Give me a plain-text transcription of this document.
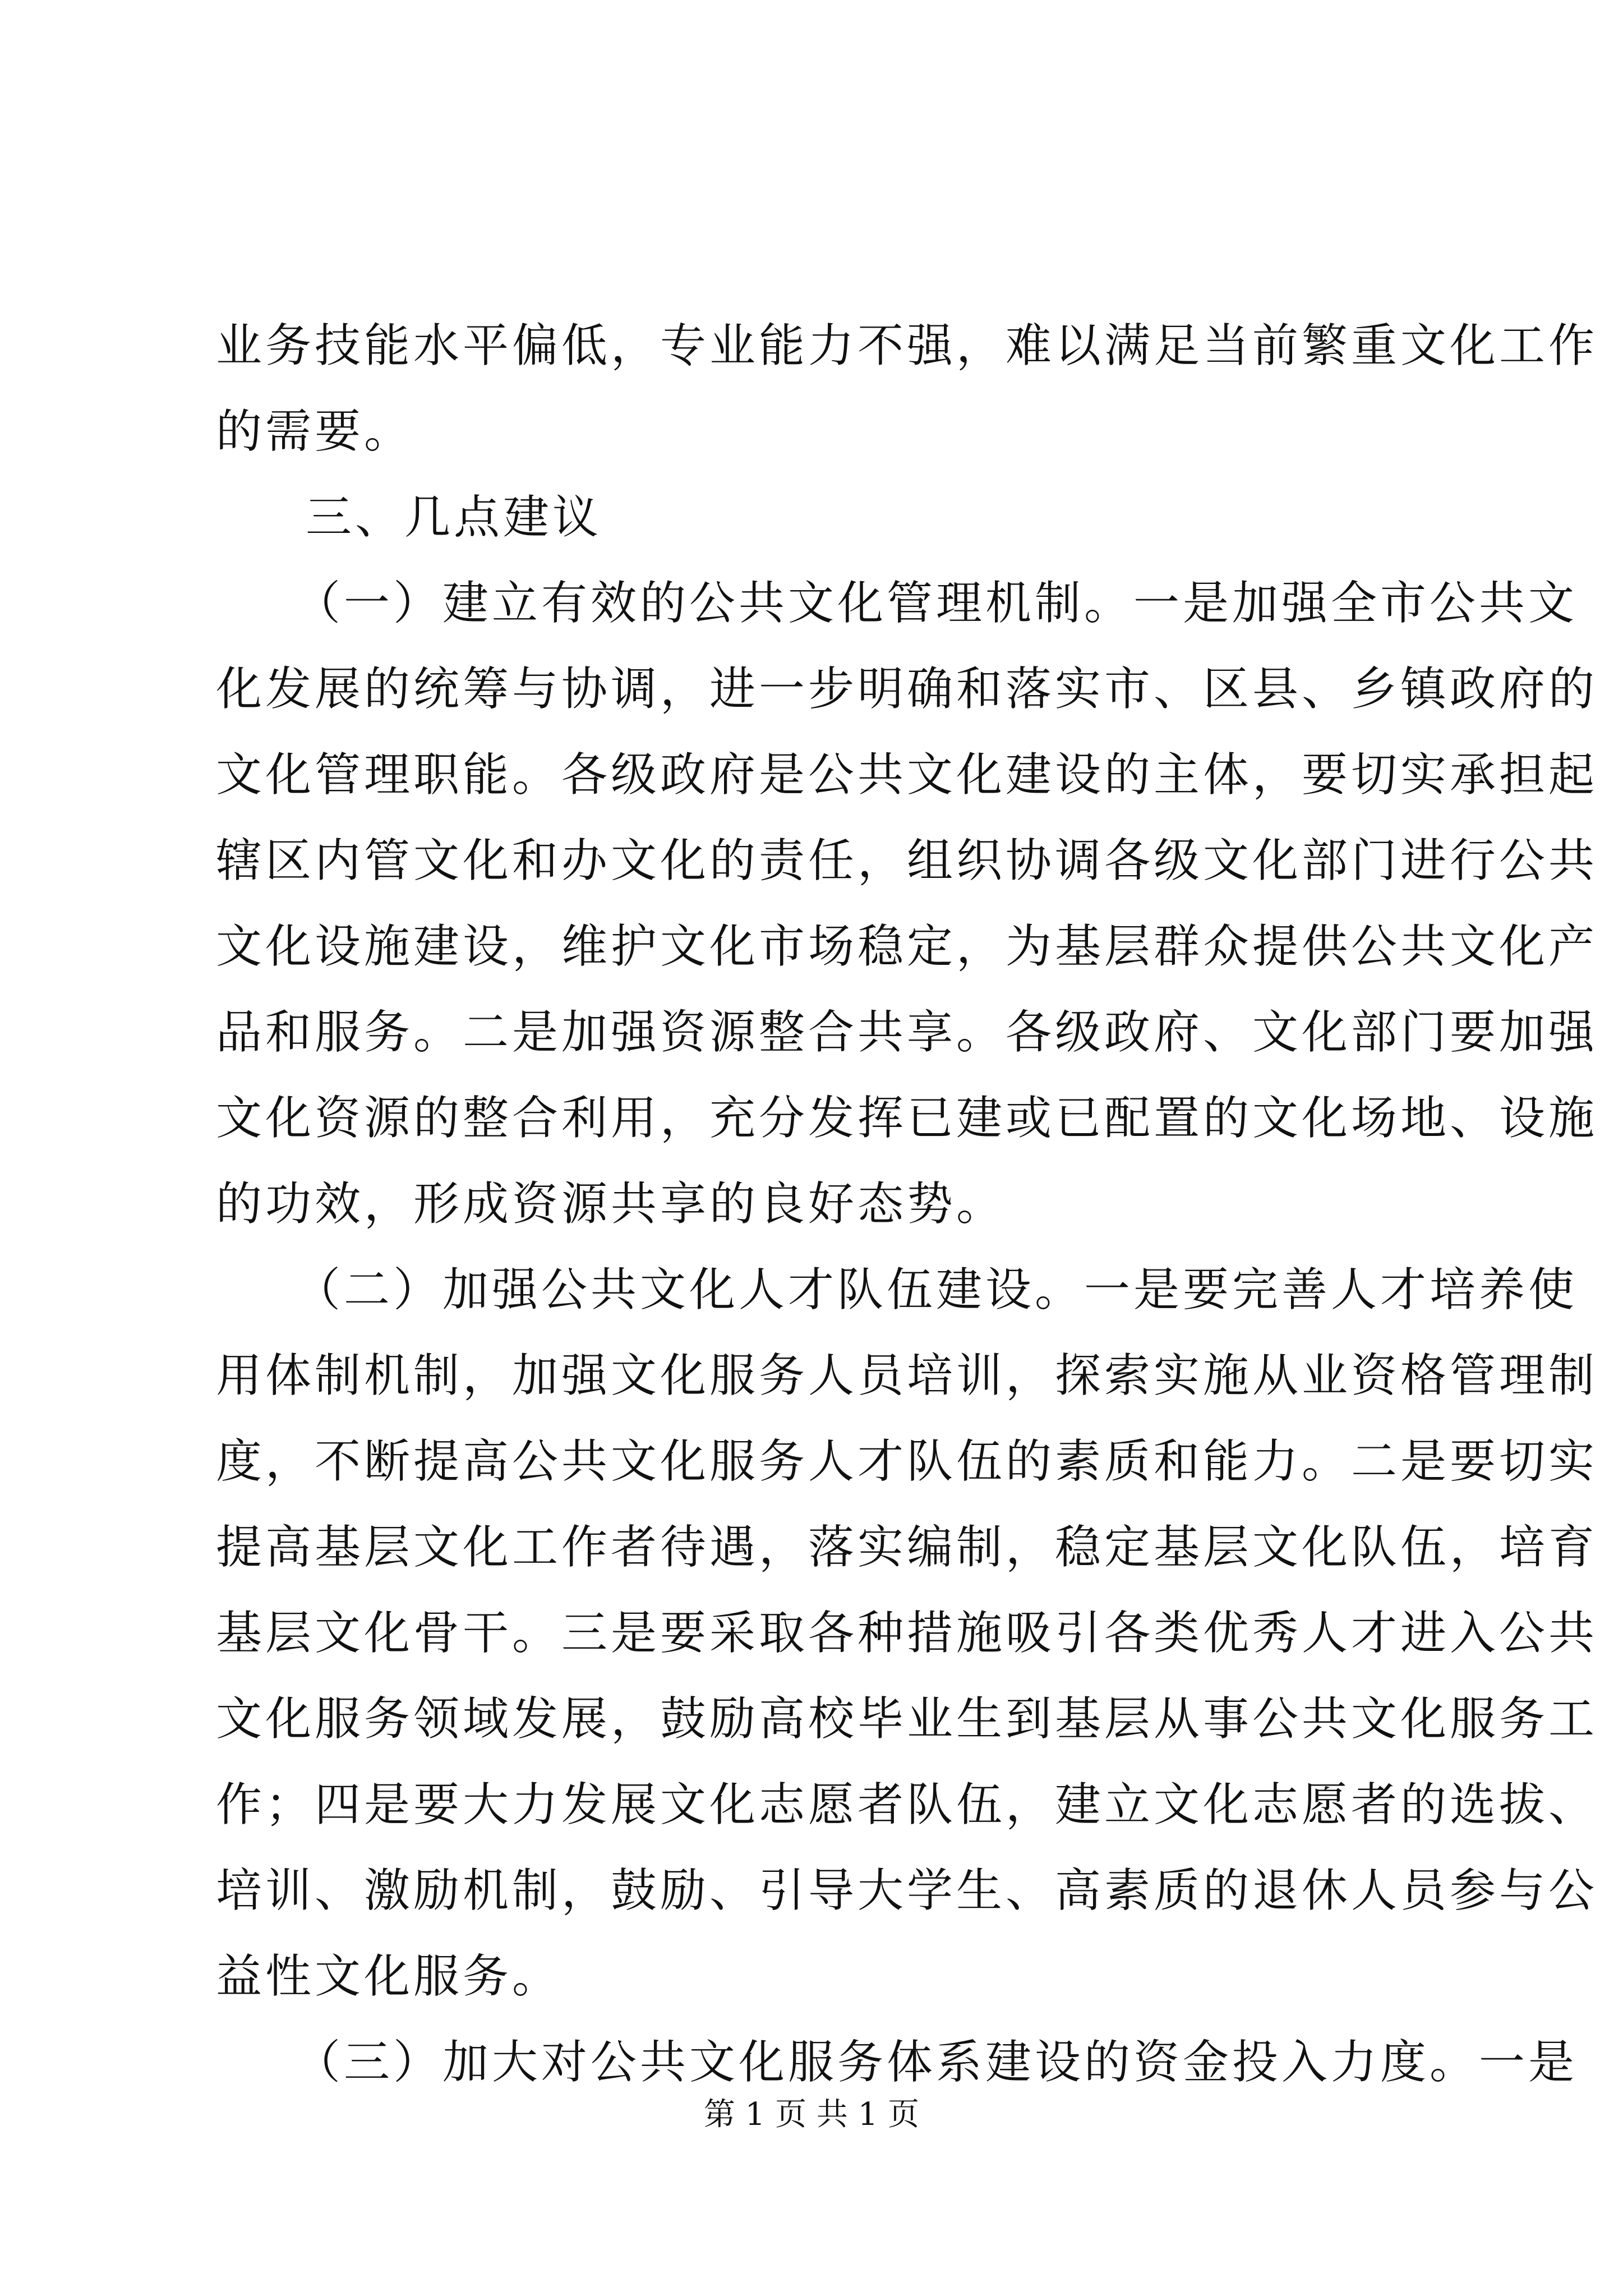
业务技能水平偏低，专业能力不强，难以满足当前繁重文化工作
的需要。
三、几点建议
（一）建立有效的公共文化管理机制。一是加强全市公共文
化发展的统筹与协调，进一步明确和落实市、区县、乡镇政府的
文化管理职能。各级政府是公共文化建设的主体，要切实承担起
辖区内管文化和办文化的责任，组织协调各级文化部门进行公共
文化设施建设，维护文化市场稳定，为基层群众提供公共文化产
品和服务。二是加强资源整合共享。各级政府、文化部门要加强
文化资源的整合利用，充分发挥已建或已配置的文化场地、设施
的功效，形成资源共享的良好态势。
（二）加强公共文化人才队伍建设。一是要完善人才培养使
用体制机制，加强文化服务人员培训，探索实施从业资格管理制
度，不断提高公共文化服务人才队伍的素质和能力。二是要切实
提高基层文化工作者待遇，落实编制，稳定基层文化队伍，培育
基层文化骨干。三是要采取各种措施吸引各类优秀人才进入公共
文化服务领域发展，鼓励高校毕业生到基层从事公共文化服务工
作；四是要大力发展文化志愿者队伍，建立文化志愿者的选拔、
培训、激励机制，鼓励、引导大学生、高素质的退休人员参与公
益性文化服务。
（三）加大对公共文化服务体系建设的资金投入力度。一是
第 1 页 共 1 页
